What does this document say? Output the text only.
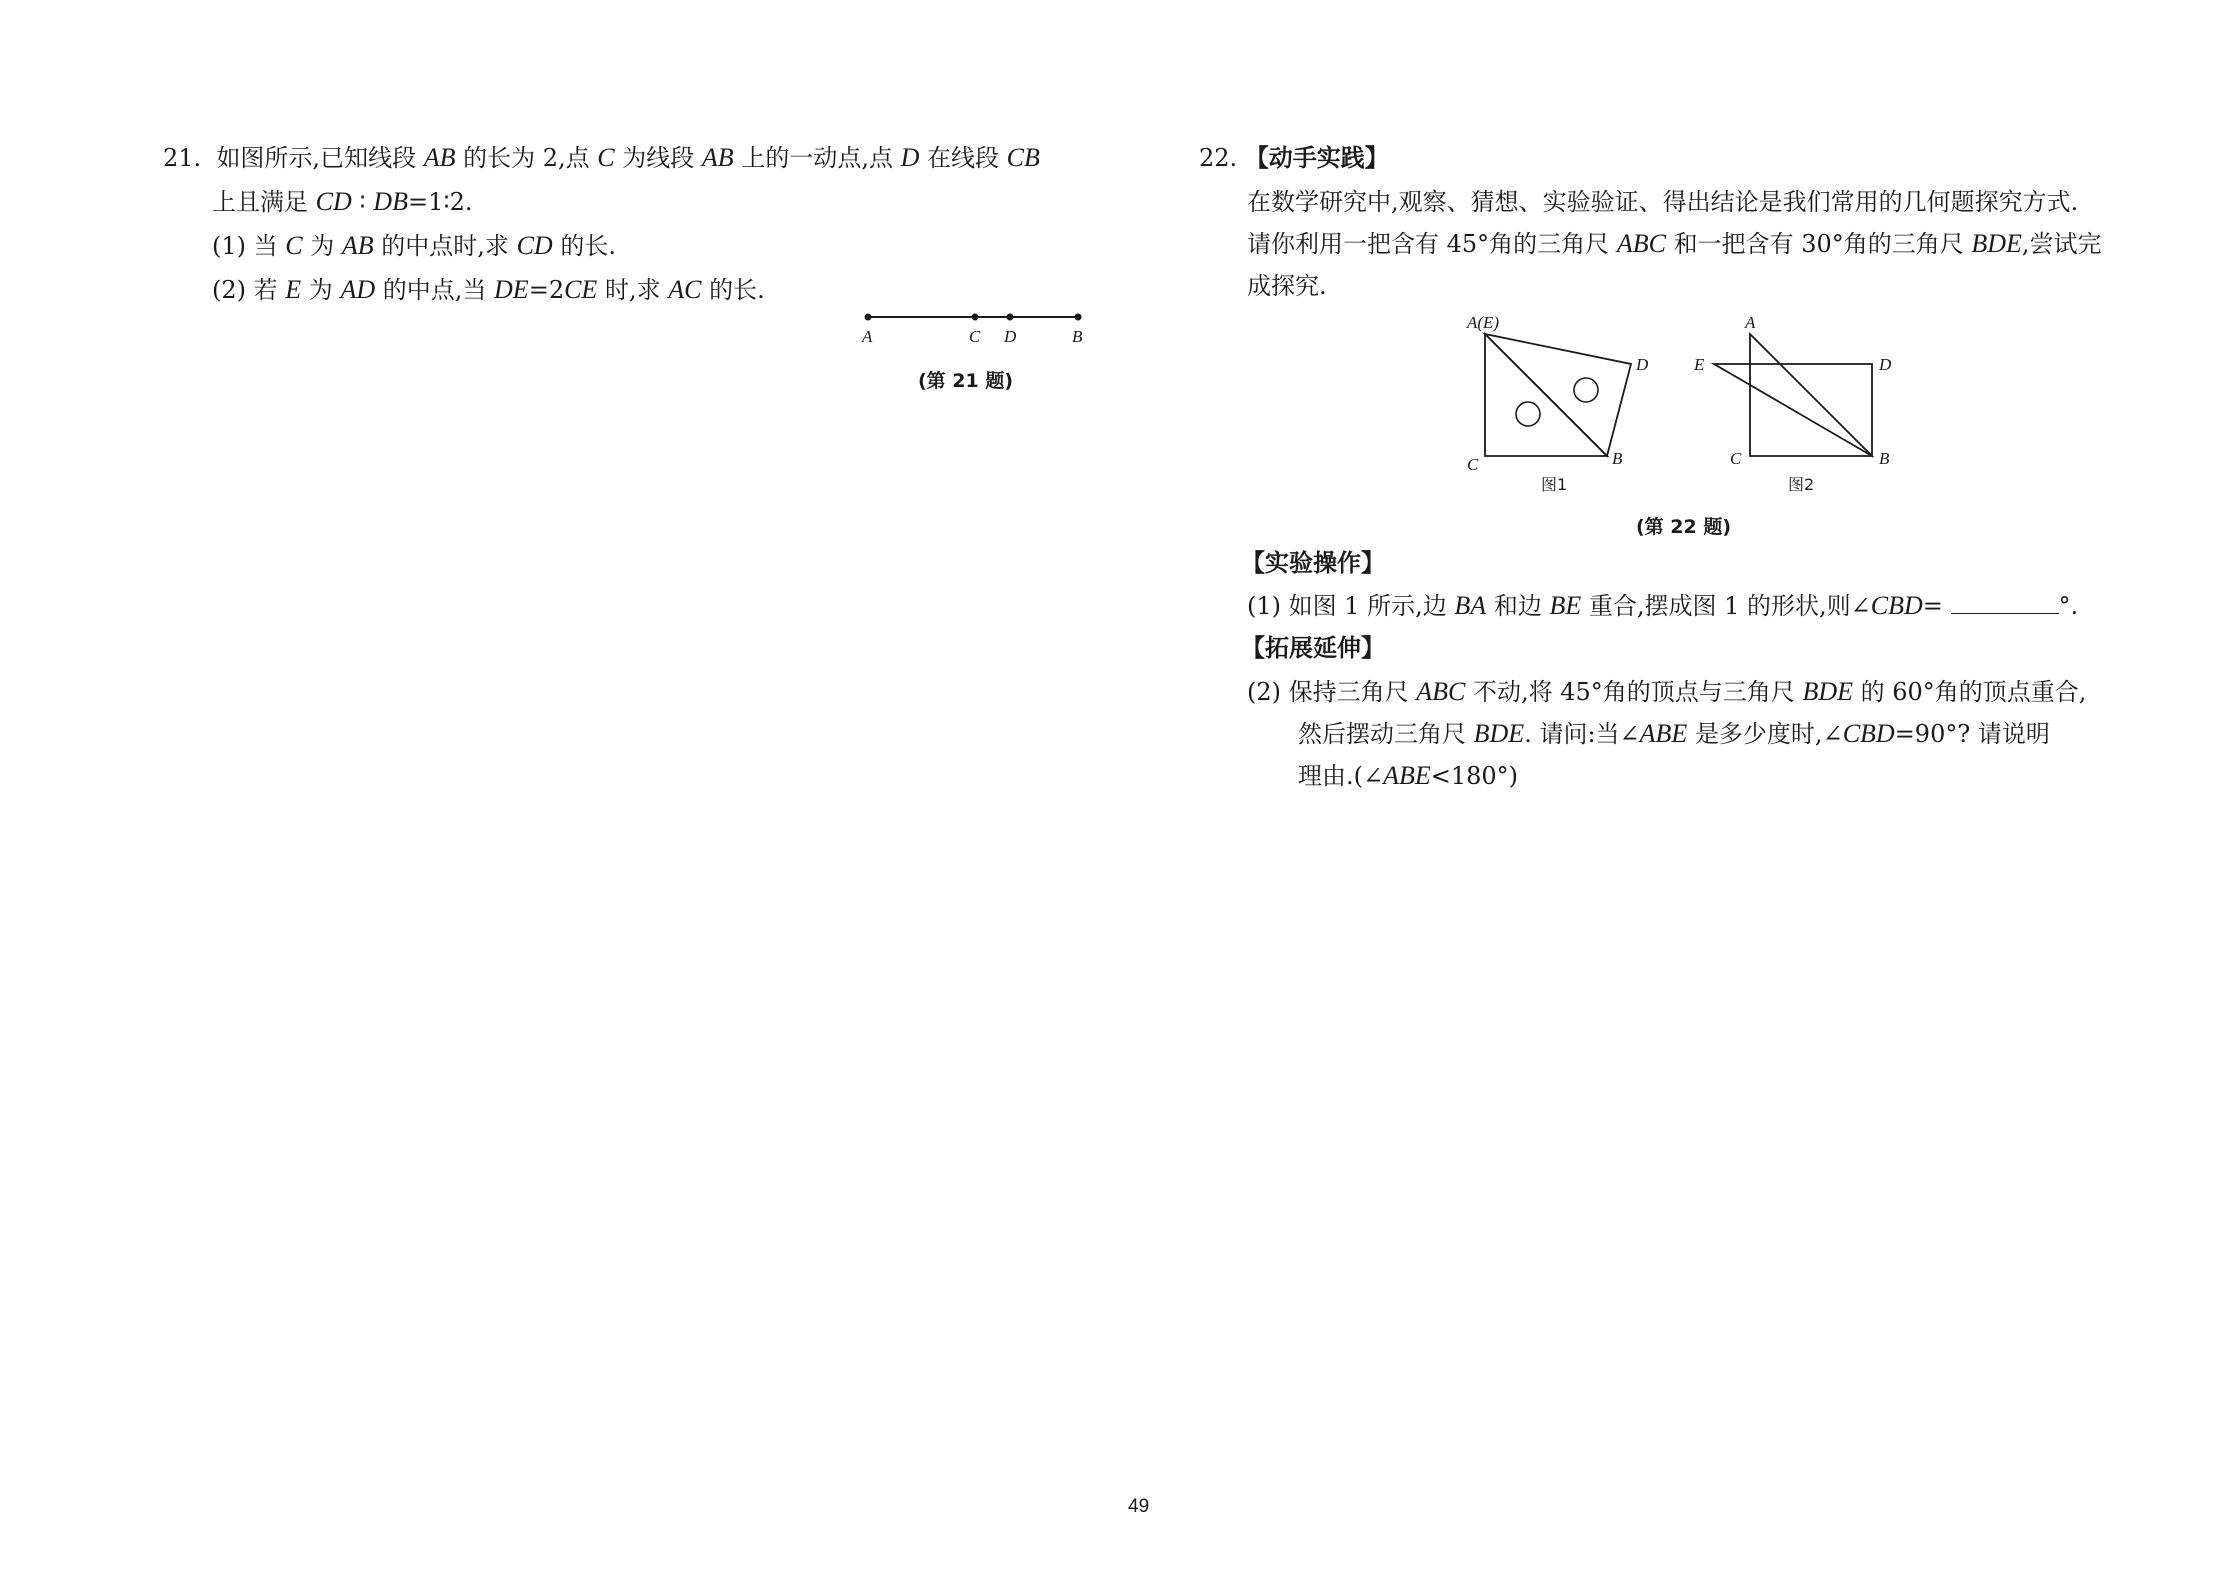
21. 如图所示,已知线段 AB 的长为 2,点 C 为线段 AB 上的一动点,点 D 在线段 CB
上且满足 CD ∶ DB=1∶2.
(1) 当 C 为 AB 的中点时,求 CD 的长.
(2) 若 E 为 AD 的中点,当 DE=2CE 时,求 AC 的长.
A	C D	B
(第 21 题)
22. 【动手实践】
在数学研究中,观察、猜想、实验验证、得出结论是我们常用的几何题探究方式.
请你利用一把含有 45°角的三角尺 ABC 和一把含有 30°角的三角尺 BDE,尝试完
成探究.
A(E)
D
C	B
图1
A
E	D
C	B
图2
(第 22 题)
【实验操作】
(1) 如图 1 所示,边 BA 和边 BE 重合,摆成图 1 的形状,则∠CBD=	°.
【拓展延伸】
(2) 保持三角尺 ABC 不动,将 45°角的顶点与三角尺 BDE 的 60°角的顶点重合,
然后摆动三角尺 BDE. 请问:当∠ABE 是多少度时,∠CBD=90°? 请说明
理由.(∠ABE<180°)
49
